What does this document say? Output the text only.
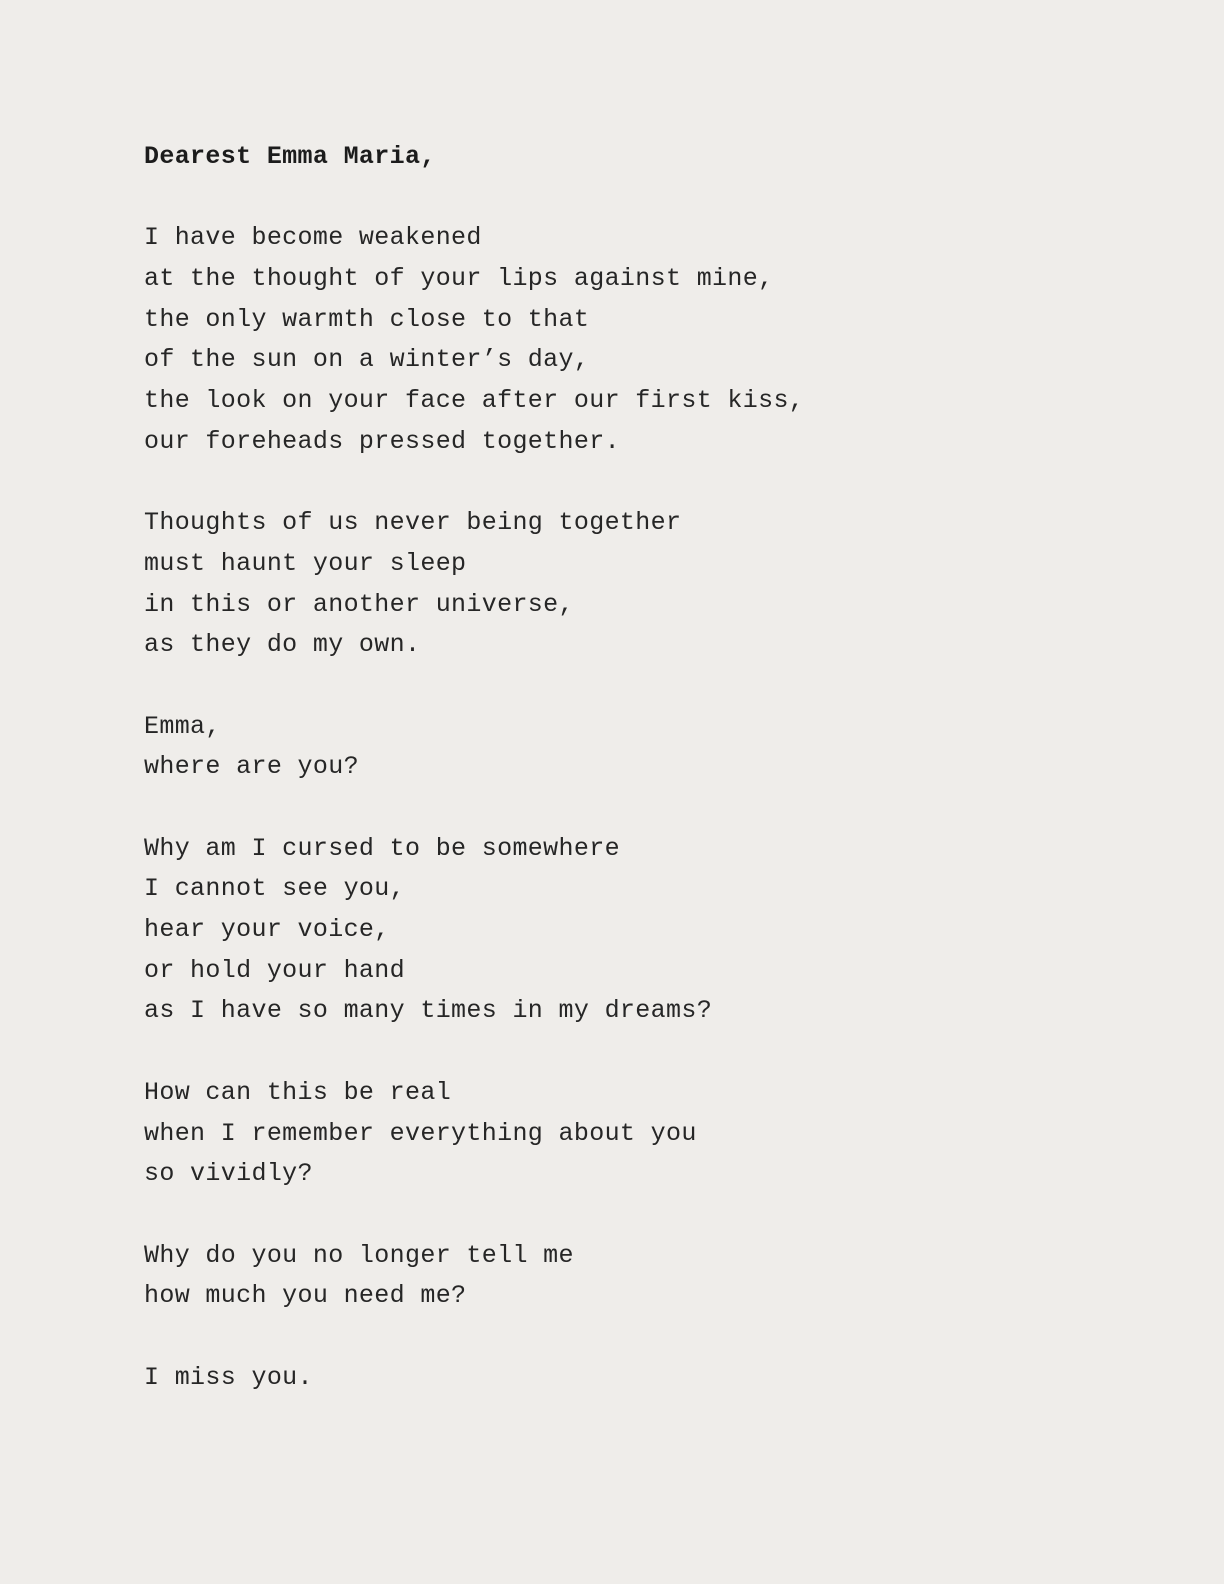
Dearest Emma Maria,
I have become weakened
at the thought of your lips against mine,
the only warmth close to that
of the sun on a winter’s day,
the look on your face after our first kiss,
our foreheads pressed together.
Thoughts of us never being together
must haunt your sleep
in this or another universe,
as they do my own.
Emma,
where are you?
Why am I cursed to be somewhere
I cannot see you,
hear your voice,
or hold your hand
as I have so many times in my dreams?
How can this be real
when I remember everything about you
so vividly?
Why do you no longer tell me
how much you need me?
I miss you.
